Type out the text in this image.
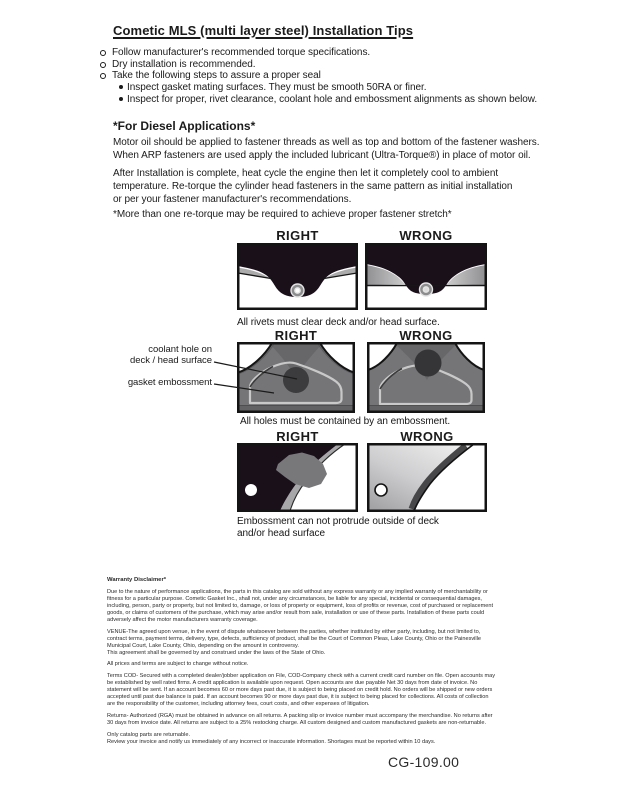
Cometic MLS (multi layer steel) Installation Tips
Follow manufacturer's recommended torque specifications.
Dry installation is recommended.
Take the following steps to assure a proper seal
Inspect gasket mating surfaces. They must be smooth 50RA or finer.
Inspect for proper, rivet clearance, coolant hole and embossment alignments as shown below.
*For Diesel Applications*
Motor oil should be applied to fastener threads as well as top and bottom of the fastener washers.
When ARP fasteners are used apply the included lubricant (Ultra-Torque®) in place of motor oil.
After Installation is complete, heat cycle the engine then let it completely cool to ambient
temperature. Re-torque the cylinder head fasteners in the same pattern as initial installation
or per your fastener manufacturer's recommendations.
*More than one re-torque may be required to achieve proper fastener stretch*
RIGHT	WRONG
All rivets must clear deck and/or head surface.
RIGHT	WRONG
coolant hole on
deck / head surface
gasket embossment
All holes must be contained by an embossment.
RIGHT	WRONG
Embossment can not protrude outside of deck
and/or head surface
Warranty Disclaimer*
Due to the nature of performance applications, the parts in this catalog are sold without any express warranty or any implied warranty of merchantability or
fitness for a particular purpose. Cometic Gasket Inc., shall not, under any circumstances, be liable for any special, incidental or consequential damages,
including, person, party or property, but not limited to, damage, or loss of property or equipment, loss of profits or revenue, cost of purchased or replacement
goods, or claims of customers of the purchase, which may arise and/or result from sale, installation or use of these parts. Installation of these parts could
adversely affect the motor manufacturers warranty coverage.
VENUE-The agreed upon venue, in the event of dispute whatsoever between the parties, whether instituted by either party, including, but not limited to,
contract terms, payment terms, delivery, type, defects, sufficiency of product, shall be the Court of Common Pleas, Lake County, Ohio or the Painesville
Municipal Court, Lake County, Ohio, depending on the amount in controversy.
This agreement shall be governed by and construed under the laws of the State of Ohio.
All prices and terms are subject to change without notice.
Terms COD- Secured with a completed dealer/jobber application on File, COD-Company check with a current credit card number on file. Open accounts may
be established by well rated firms. A credit application is available upon request. Open accounts are due payable Net 30 days from date of invoice. No
statement will be sent. If an account becomes 60 or more days past due, it is subject to being placed on credit hold. No orders will be shipped or new orders
accepted until past due balance is paid. If an account becomes 90 or more days past due, it is subject to being placed for collections. All costs of collection
are the responsibility of the customer, including attorney fees, court costs, and other expenses of litigation.
Returns- Authorized (RGA) must be obtained in advance on all returns. A packing slip or invoice number must accompany the merchandise. No returns after
30 days from invoice date. All returns are subject to a 25% restocking charge. All custom designed and custom manufactured gaskets are non-returnable.
Only catalog parts are returnable.
Review your invoice and notify us immediately of any incorrect or inaccurate information. Shortages must be reported within 10 days.
CG-109.00
